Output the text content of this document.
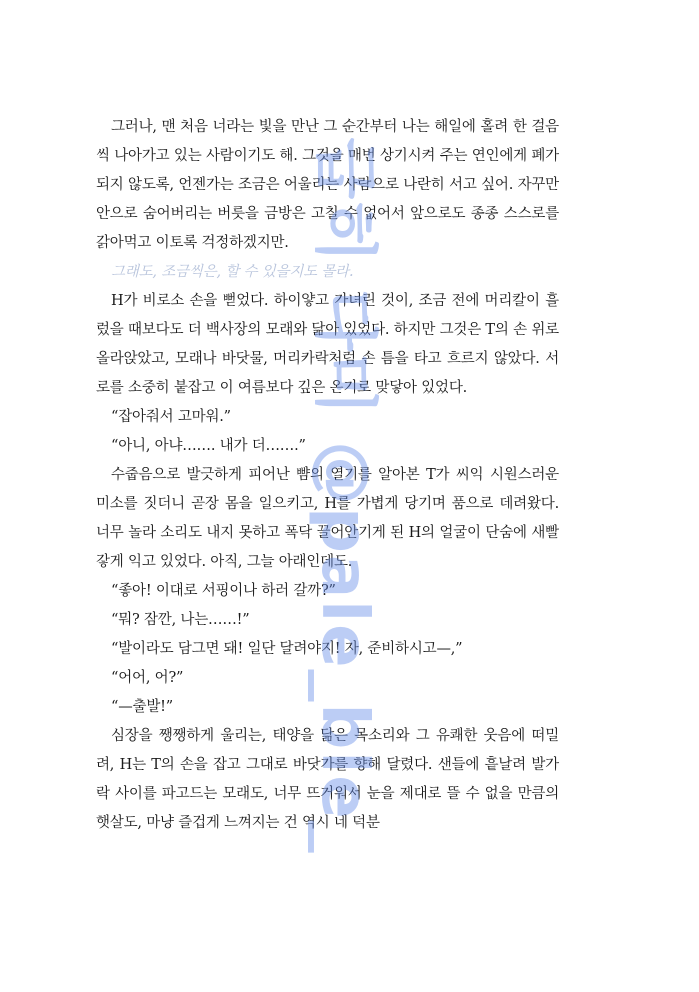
그러나, 맨 처음 너라는 빛을 만난 그 순간부터 나는 해일에 홀려 한 걸음씩 나아가고 있는 사람이기도 해. 그것을 매번 상기시켜 주는 연인에게 폐가 되지 않도록, 언젠가는 조금은 어울리는 사람으로 나란히 서고 싶어. 자꾸만 안으로 숨어버리는 버릇을 금방은 고칠 수 없어서 앞으로도 종종 스스로를 갉아먹고 이토록 걱정하겠지만.

그래도, 조금씩은, 할 수 있을지도 몰라.

H가 비로소 손을 뻗었다. 하이얗고 가녀린 것이, 조금 전에 머리칼이 흘렀을 때보다도 더 백사장의 모래와 닮아 있었다. 하지만 그것은 T의 손 위로 올라앉았고, 모래나 바닷물, 머리카락처럼 손 틈을 타고 흐르지 않았다. 서로를 소중히 붙잡고 이 여름보다 깊은 온기로 맞닿아 있었다.

“잡아줘서 고마워.”

“아니, 아냐……. 내가 더…….”

수줍음으로 발긋하게 피어난 뺨의 열기를 알아본 T가 씨익 시원스러운 미소를 짓더니 곧장 몸을 일으키고, H를 가볍게 당기며 품으로 데려왔다. 너무 놀라 소리도 내지 못하고 폭닥 끌어안기게 된 H의 얼굴이 단숨에 새빨갛게 익고 있었다. 아직, 그늘 아래인데도.

“좋아! 이대로 서핑이나 하러 갈까?”

“뭐? 잠깐, 나는……!”

“발이라도 담그면 돼! 일단 달려야지! 자, 준비하시고—,”

“어어, 어?”

“—출발!”

심장을 쨍쨍하게 울리는, 태양을 닮은 목소리와 그 유쾌한 웃음에 떠밀려, H는 T의 손을 잡고 그대로 바닷가를 향해 달렸다. 샌들에 흩날려 발가락 사이를 파고드는 모래도, 너무 뜨거워서 눈을 제대로 뜰 수 없을 만큼의 햇살도, 마냥 즐겁게 느껴지는 건 역시 네 덕분

급히 다미 @pale_ble_
